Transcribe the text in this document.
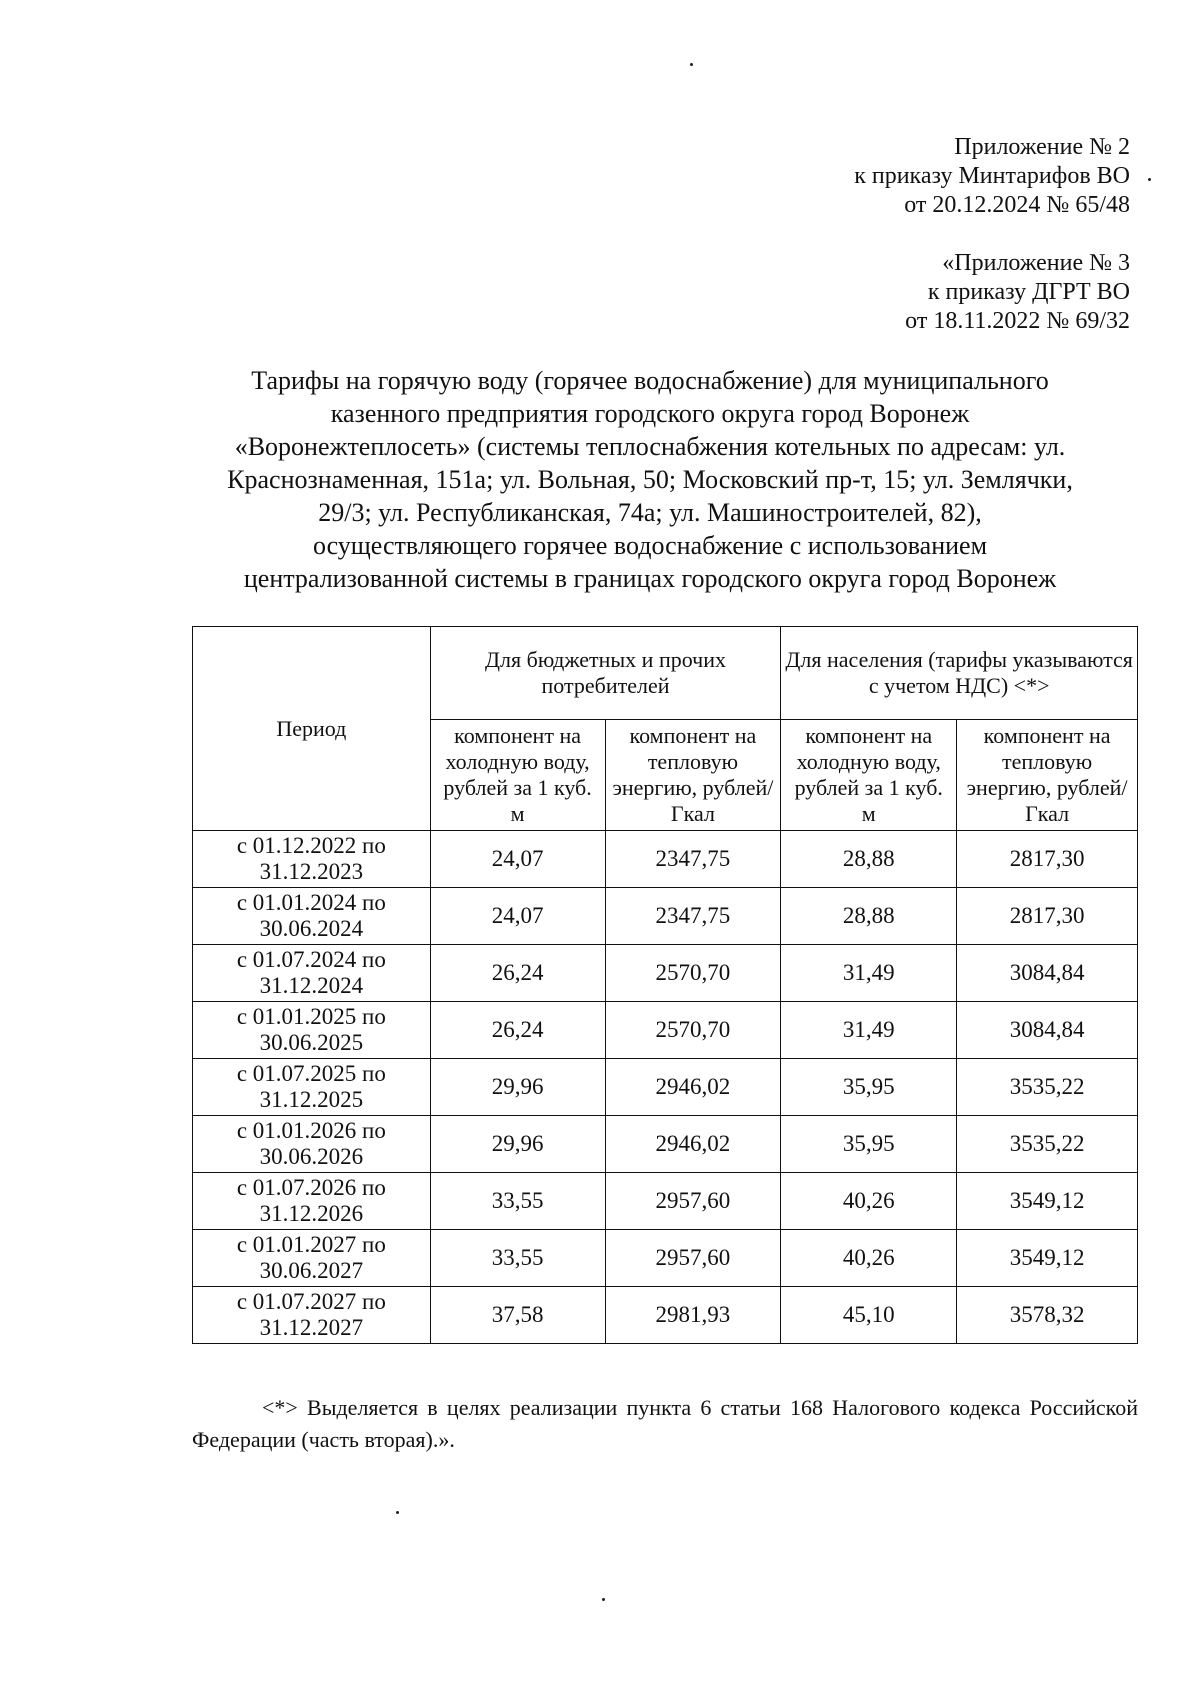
Приложение № 2
к приказу Минтарифов ВО
от 20.12.2024 № 65/48
«Приложение № 3
к приказу ДГРТ ВО
от 18.11.2022 № 69/32
Тарифы на горячую воду (горячее водоснабжение) для муниципального
казенного предприятия городского округа город Воронеж
«Воронежтеплосеть» (системы теплоснабжения котельных по адресам: ул.
Краснознаменная, 151а; ул. Вольная, 50; Московский пр-т, 15; ул. Землячки,
29/3; ул. Республиканская, 74а; ул. Машиностроителей, 82),
осуществляющего горячее водоснабжение с использованием
централизованной системы в границах городского округа город Воронеж
Период	Для бюджетных и прочих потребителей		Для населения (тарифы указываются с учетом НДС) <*>	
	компонент на холодную воду, рублей за 1 куб. м	компонент на тепловую энергию, рублей/Гкал	компонент на холодную воду, рублей за 1 куб. м	компонент на тепловую энергию, рублей/Гкал

с 01.12.2022 по
31.12.2023	24,07	2347,75	28,88	2817,30

с 01.01.2024 по
30.06.2024	24,07	2347,75	28,88	2817,30

с 01.07.2024 по
31.12.2024	26,24	2570,70	31,49	3084,84

с 01.01.2025 по
30.06.2025	26,24	2570,70	31,49	3084,84

с 01.07.2025 по
31.12.2025	29,96	2946,02	35,95	3535,22

с 01.01.2026 по
30.06.2026	29,96	2946,02	35,95	3535,22

с 01.07.2026 по
31.12.2026	33,55	2957,60	40,26	3549,12

с 01.01.2027 по
30.06.2027	33,55	2957,60	40,26	3549,12

с 01.07.2027 по
31.12.2027	37,58	2981,93	45,10	3578,32
<*> Выделяется в целях реализации пункта 6 статьи 168 Налогового кодекса Российской Федерации (часть вторая).».
